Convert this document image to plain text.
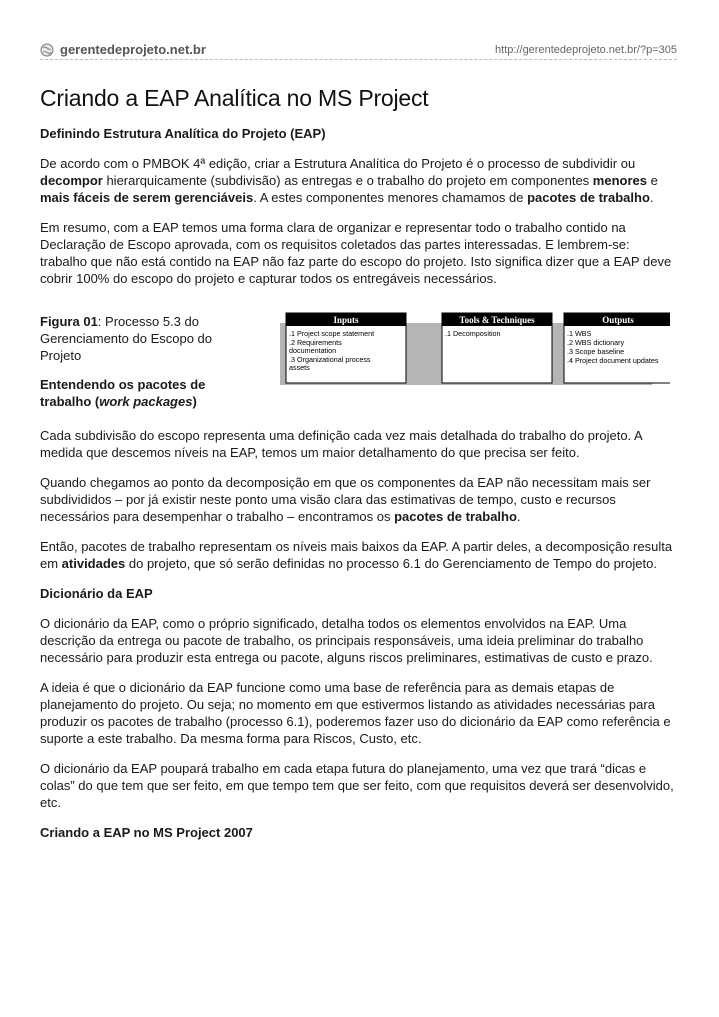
gerentedeprojeto.net.br	http://gerentedeprojeto.net.br/?p=305
Criando a EAP Analítica no MS Project

Definindo Estrutura Analítica do Projeto (EAP)

De acordo com o PMBOK 4ª edição, criar a Estrutura Analítica do Projeto é o processo de subdividir ou decompor hierarquicamente (subdivisão) as entregas e o trabalho do projeto em componentes menores e mais fáceis de serem gerenciáveis. A estes componentes menores chamamos de pacotes de trabalho.

Em resumo, com a EAP temos uma forma clara de organizar e representar todo o trabalho contido na Declaração de Escopo aprovada, com os requisitos coletados das partes interessadas. E lembrem-se: trabalho que não está contido na EAP não faz parte do escopo do projeto. Isto significa dizer que a EAP deve cobrir 100% do escopo do projeto e capturar todos os entregáveis necessários.

Figura 01: Processo 5.3 do Gerenciamento do Escopo do Projeto

Entendendo os pacotes de trabalho (work packages)

Inputs
.1 Project scope statement .2 Requirements documentation .3 Organizational process assets
Tools & Techniques
.1 Decomposition
Outputs
.1 WBS .2 WBS dictionary .3 Scope baseline .4 Project document updates

Cada subdivisão do escopo representa uma definição cada vez mais detalhada do trabalho do projeto. A medida que descemos níveis na EAP, temos um maior detalhamento do que precisa ser feito.

Quando chegamos ao ponto da decomposição em que os componentes da EAP não necessitam mais ser subdivididos – por já existir neste ponto uma visão clara das estimativas de tempo, custo e recursos necessários para desempenhar o trabalho – encontramos os pacotes de trabalho.

Então, pacotes de trabalho representam os níveis mais baixos da EAP. A partir deles, a decomposição resulta em atividades do projeto, que só serão definidas no processo 6.1 do Gerenciamento de Tempo do projeto.

Dicionário da EAP

O dicionário da EAP, como o próprio significado, detalha todos os elementos envolvidos na EAP. Uma descrição da entrega ou pacote de trabalho, os principais responsáveis, uma ideia preliminar do trabalho necessário para produzir esta entrega ou pacote, alguns riscos preliminares, estimativas de custo e prazo.

A ideia é que o dicionário da EAP funcione como uma base de referência para as demais etapas de planejamento do projeto. Ou seja; no momento em que estivermos listando as atividades necessárias para produzir os pacotes de trabalho (processo 6.1), poderemos fazer uso do dicionário da EAP como referência e suporte a este trabalho. Da mesma forma para Riscos, Custo, etc.

O dicionário da EAP poupará trabalho em cada etapa futura do planejamento, uma vez que trará “dicas e colas” do que tem que ser feito, em que tempo tem que ser feito, com que requisitos deverá ser desenvolvido, etc.

Criando a EAP no MS Project 2007
